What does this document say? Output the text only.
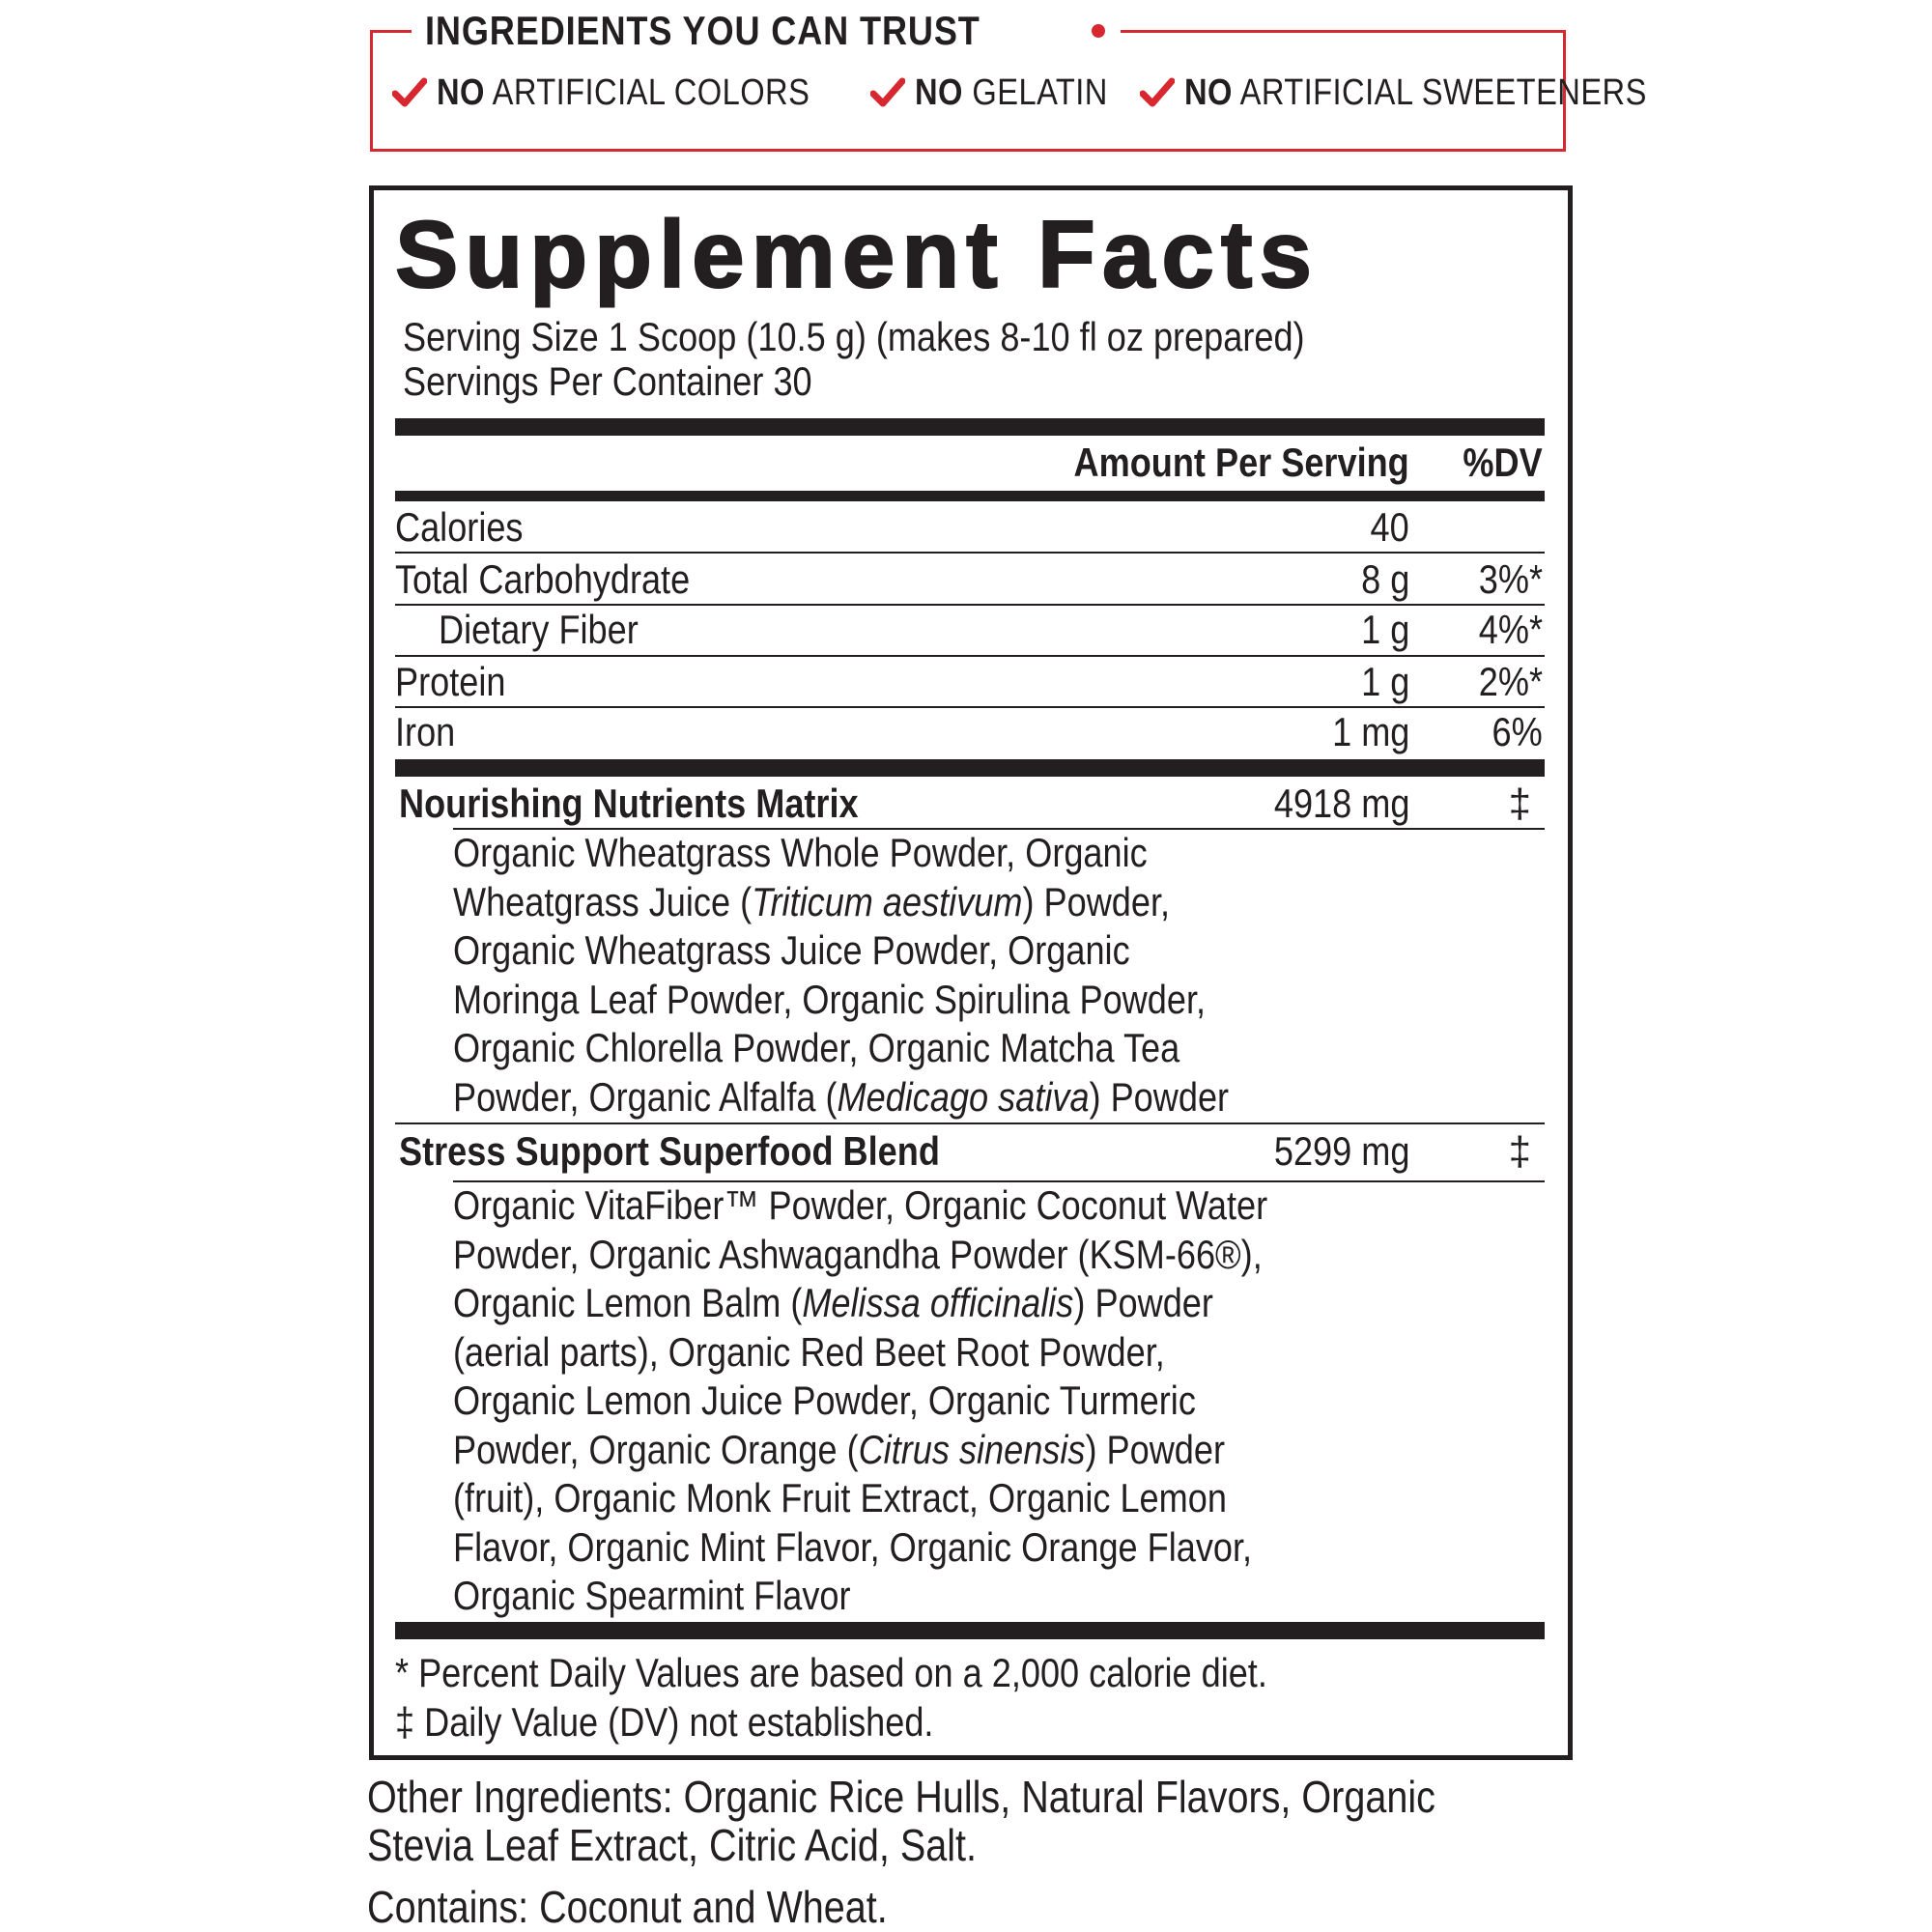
INGREDIENTS YOU CAN TRUST
NO ARTIFICIAL COLORS	NO GELATIN NO ARTIFICIAL SWEETENERS
Supplement Facts
Serving Size 1 Scoop (10.5 g) (makes 8-10 fl oz prepared)
Servings Per Container 30
Amount Per Serving	%DV
Calories	40
Total Carbohydrate	8 g 3%*
Dietary Fiber	1 g 4%*
Protein	1 g 2%*
Iron	1 mg 6%
Nourishing Nutrients Matrix	4918 mg ‡
Organic Wheatgrass Whole Powder, Organic
Wheatgrass Juice (Triticum aestivum) Powder,
Organic Wheatgrass Juice Powder, Organic
Moringa Leaf Powder, Organic Spirulina Powder,
Organic Chlorella Powder, Organic Matcha Tea
Powder, Organic Alfalfa (Medicago sativa) Powder
Stress Support Superfood Blend	5299 mg ‡
Organic VitaFiber™ Powder, Organic Coconut Water
Powder, Organic Ashwagandha Powder (KSM-66®),
Organic Lemon Balm (Melissa officinalis) Powder
(aerial parts), Organic Red Beet Root Powder,
Organic Lemon Juice Powder, Organic Turmeric
Powder, Organic Orange (Citrus sinensis) Powder
(fruit), Organic Monk Fruit Extract, Organic Lemon
Flavor, Organic Mint Flavor, Organic Orange Flavor,
Organic Spearmint Flavor
* Percent Daily Values are based on a 2,000 calorie diet.
‡ Daily Value (DV) not established.
Other Ingredients: Organic Rice Hulls, Natural Flavors, Organic
Stevia Leaf Extract, Citric Acid, Salt.
Contains: Coconut and Wheat.
